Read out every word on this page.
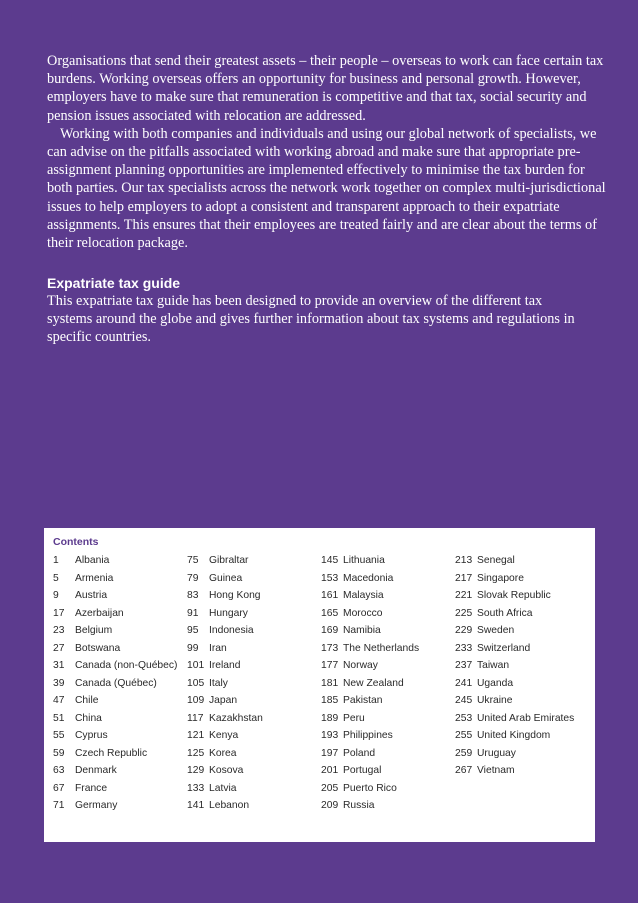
Organisations that send their greatest assets – their people – overseas to work can face certain tax burdens. Working overseas offers an opportunity for business and personal growth. However, employers have to make sure that remuneration is competitive and that tax, social security and pension issues associated with relocation are addressed.

Working with both companies and individuals and using our global network of specialists, we can advise on the pitfalls associated with working abroad and make sure that appropriate pre-assignment planning opportunities are implemented effectively to minimise the tax burden for both parties. Our tax specialists across the network work together on complex multi-jurisdictional issues to help employers to adopt a consistent and transparent approach to their expatriate assignments. This ensures that their employees are treated fairly and are clear about the terms of their relocation package.

Expatriate tax guide

This expatriate tax guide has been designed to provide an overview of the different tax systems around the globe and gives further information about tax systems and regulations in specific countries.

Contents
1	Albania
5	Armenia
9	Austria
17	Azerbaijan
23	Belgium
27	Botswana
31	Canada (non-Québec)
39	Canada (Québec)
47	Chile
51	China
55	Cyprus
59	Czech Republic
63	Denmark
67	France
71	Germany
75	Gibraltar
79	Guinea
83	Hong Kong
91	Hungary
95	Indonesia
99	Iran
101 Ireland
105 Italy
109 Japan
117 Kazakhstan
121 Kenya
125 Korea
129 Kosova
133 Latvia
141 Lebanon
145 Lithuania
153 Macedonia
161 Malaysia
165 Morocco
169 Namibia
173 The Netherlands
177 Norway
181 New Zealand
185 Pakistan
189 Peru
193 Philippines
197 Poland
201 Portugal
205 Puerto Rico
209 Russia
213 Senegal
217 Singapore
221 Slovak Republic
225 South Africa
229 Sweden
233 Switzerland
237 Taiwan
241 Uganda
245 Ukraine
253 United Arab Emirates
255 United Kingdom
259 Uruguay
267 Vietnam
